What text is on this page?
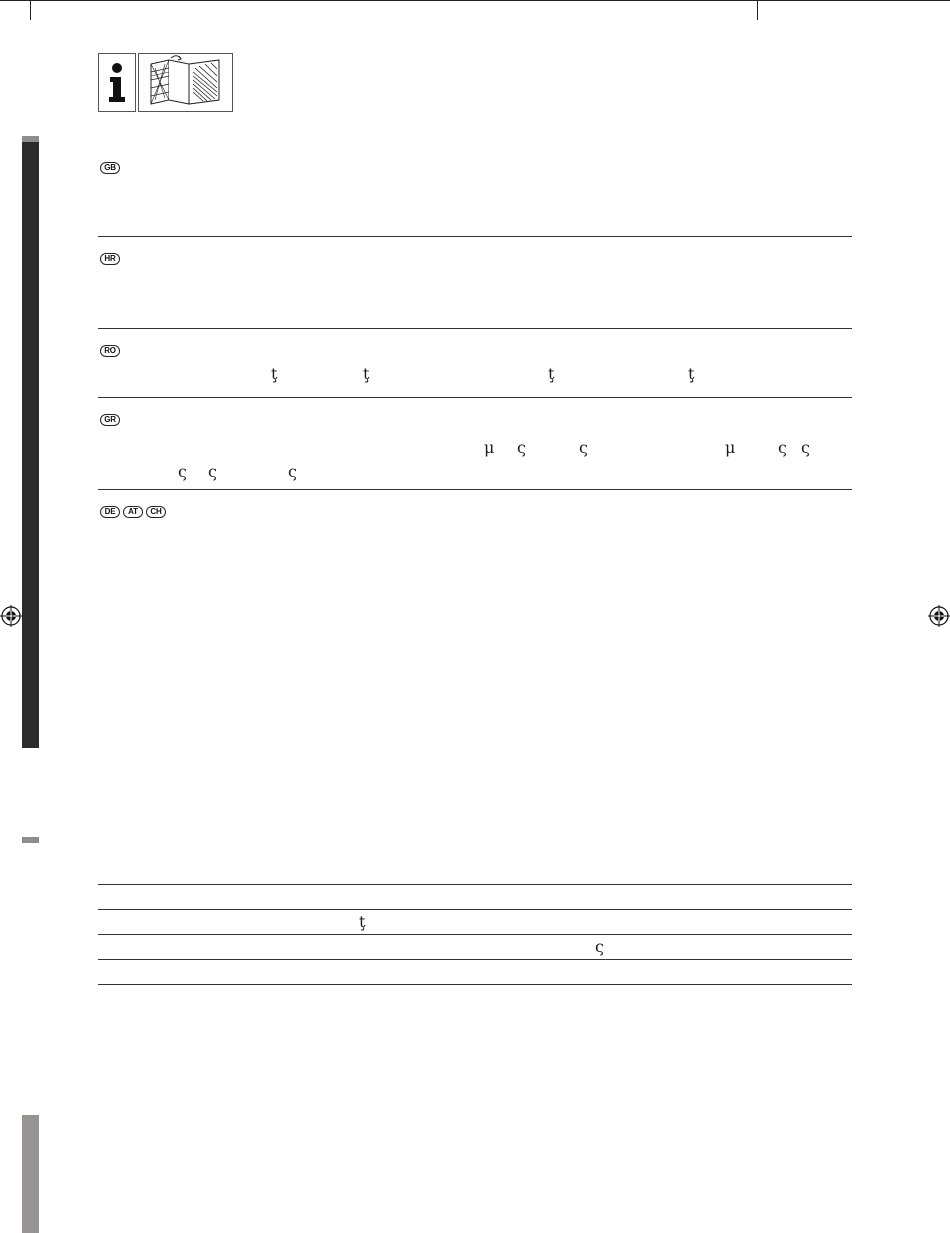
GB
HR
RO
ţ	ţ	ţ	ţ
GR
μ ς	ς	μ	ς ς
ς ς	ς
DE	AT	CH
ţ
ς
